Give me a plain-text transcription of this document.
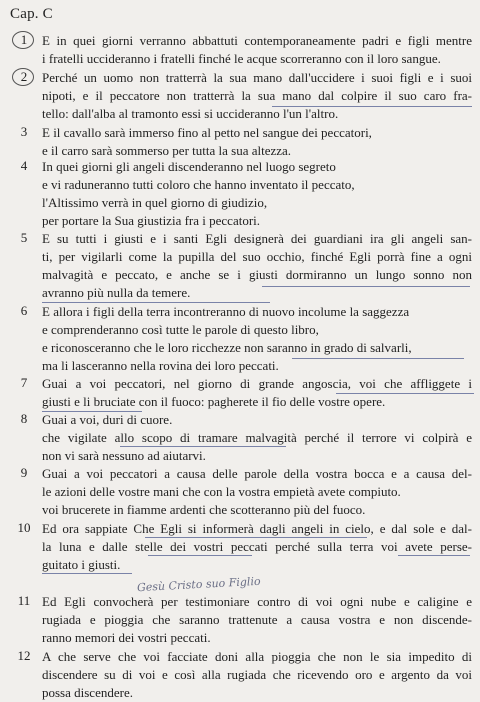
Cap. C
1	E in quei giorni verranno abbattuti contemporaneamente padri e figli mentre
i fratelli uccideranno i fratelli finché le acque scorreranno con il loro sangue.
2	Perché un uomo non tratterrà la sua mano dall'uccidere i suoi figli e i suoi
nipoti, e il peccatore non tratterrà la sua mano dal colpire il suo caro fra-
tello: dall'alba al tramonto essi si uccideranno l'un l'altro.
3	E il cavallo sarà immerso fino al petto nel sangue dei peccatori,
e il carro sarà sommerso per tutta la sua altezza.
4	In quei giorni gli angeli discenderanno nel luogo segreto
e vi raduneranno tutti coloro che hanno inventato il peccato,
l'Altissimo verrà in quel giorno di giudizio,
per portare la Sua giustizia fra i peccatori.
5	E su tutti i giusti e i santi Egli designerà dei guardiani ira gli angeli san-
ti, per vigilarli come la pupilla del suo occhio, finché Egli porrà fine a ogni
malvagità e peccato, e anche se i giusti dormiranno un lungo sonno non
avranno più nulla da temere.
6	E allora i figli della terra incontreranno di nuovo incolume la saggezza
e comprenderanno così tutte le parole di questo libro,
e riconosceranno che le loro ricchezze non saranno in grado di salvarli,
ma li lasceranno nella rovina dei loro peccati.
7	Guai a voi peccatori, nel giorno di grande angoscia, voi che affliggete i
giusti e li bruciate con il fuoco: pagherete il fio delle vostre opere.
8	Guai a voi, duri di cuore.
che vigilate allo scopo di tramare malvagità perché il terrore vi colpirà e
non vi sarà nessuno ad aiutarvi.
9	Guai a voi peccatori a causa delle parole della vostra bocca e a causa del-
le azioni delle vostre mani che con la vostra empietà avete compiuto.
voi brucerete in fiamme ardenti che scotteranno più del fuoco.
10 Ed ora sappiate Che Egli si informerà dagli angeli in cielo, e dal sole e dal-
la luna e dalle stelle dei vostri peccati perché sulla terra voi avete perse-
guitato i giusti.
11 Ed Egli convocherà per testimoniare contro di voi ogni nube e caligine e
rugiada e pioggia che saranno trattenute a causa vostra e non discende-
ranno memori dei vostri peccati.
12 A che serve che voi facciate doni alla pioggia che non le sia impedito di
discendere su di voi e così alla rugiada che ricevendo oro e argento da voi
possa discendere.
Gesù Cristo suo Figlio
